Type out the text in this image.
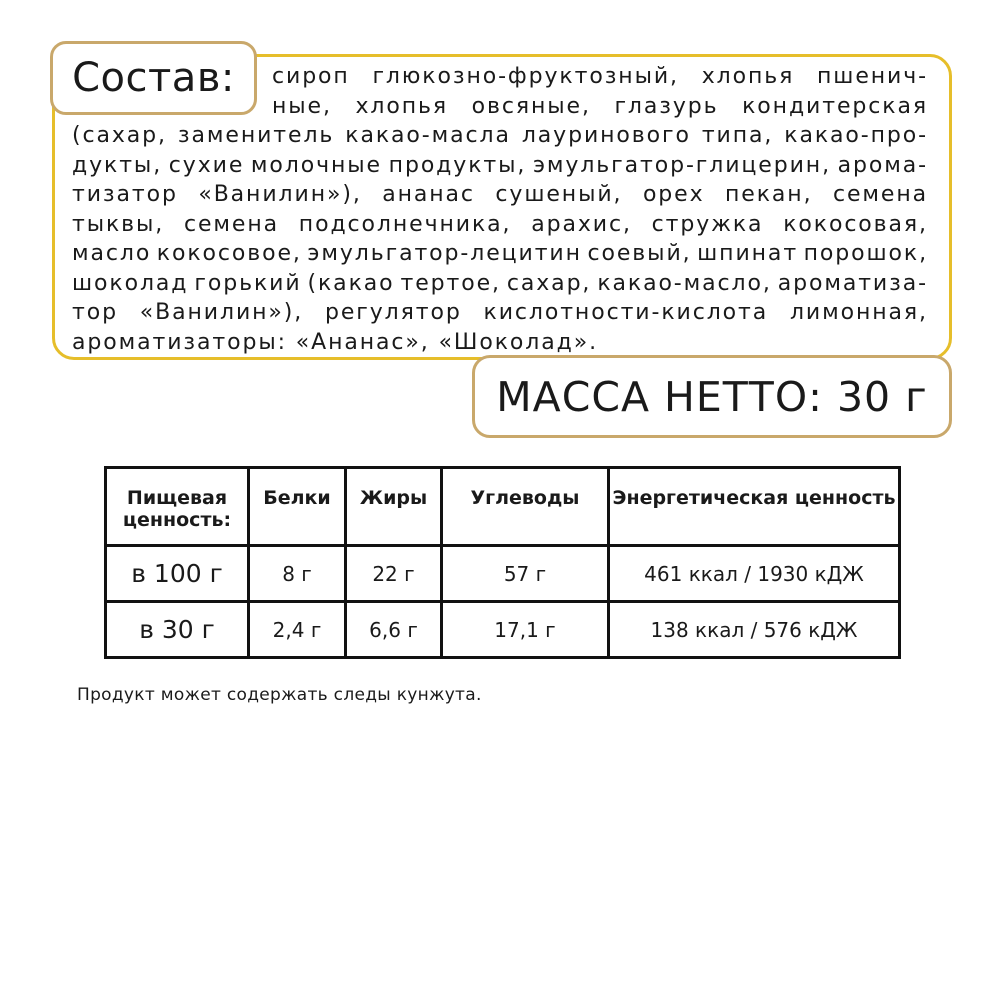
Состав:	сироп глюкозно-фруктозный, хлопья пшенич-
ные, хлопья овсяные, глазурь кондитерская
(сахар, заменитель какао-масла лауринового типа, какао-про-
дукты, сухие молочные продукты, эмульгатор-глицерин, арома-
тизатор «Ванилин»), ананас сушеный, орех пекан, семена
тыквы, семена подсолнечника, арахис, стружка кокосовая,
масло кокосовое, эмульгатор-лецитин соевый, шпинат порошок,
шоколад горький (какао тертое, сахар, какао-масло, ароматиза-
тор «Ванилин»), регулятор кислотности-кислота лимонная,
ароматизаторы: «Ананас», «Шоколад».
МАССА НЕТТО: 30 г
Пищевая ценность:	Белки	Жиры	Углеводы	Энергетическая ценность
в 100 г	8 г	22 г	57 г	461 ккал / 1930 кДЖ
в 30 г	2,4 г	6,6 г	17,1 г	138 ккал / 576 кДЖ
Продукт может содержать следы кунжута.
